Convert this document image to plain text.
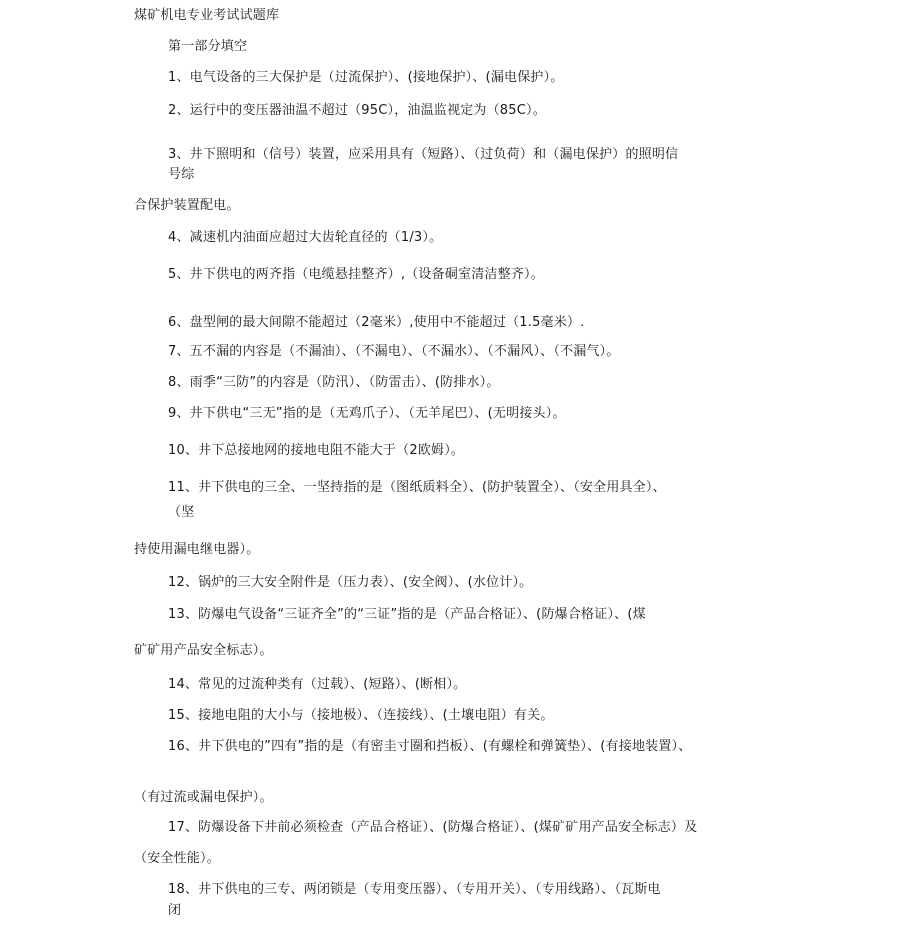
煤矿机电专业考试试题库
第一部分填空
1、电气设备的三大保护是（过流保护）、(接地保护）、(漏电保护）。
2、运行中的变压器油温不超过（95C），油温监视定为（85C）。
3、井下照明和（信号）装置，应采用具有（短路）、（过负荷）和（漏电保护）的照明信
号综
合保护装置配电。
4、减速机内油面应超过大齿轮直径的（1/3）。
5、井下供电的两齐指（电缆悬挂整齐）,（设备硐室清洁整齐）。
6、盘型闸的最大间隙不能超过（2毫米）,使用中不能超过（1.5毫米）.
7、五不漏的内容是（不漏油）、（不漏电）、（不漏水）、（不漏风）、（不漏气）。
8、雨季“三防”的内容是（防汛）、（防雷击）、(防排水）。
9、井下供电“三无”指的是（无鸡爪子）、（无羊尾巴）、(无明接头）。
10、井下总接地网的接地电阻不能大于（2欧姆）。
11、井下供电的三全、一坚持指的是（图纸质料全）、(防护装置全）、（安全用具全）、
（坚
持使用漏电继电器）。
12、锅炉的三大安全附件是（压力表）、(安全阀）、(水位计）。
13、防爆电气设备“三证齐全”的“三证”指的是（产品合格证）、(防爆合格证）、(煤
矿矿用产品安全标志）。
14、常见的过流种类有（过载）、(短路）、(断相）。
15、接地电阻的大小与（接地极）、（连接线）、(土壤电阻）有关。
16、井下供电的”四有”指的是（有密圭寸圈和挡板）、(有螺栓和弹簧垫）、(有接地装置）、
（有过流或漏电保护）。
17、防爆设备下井前必须检查（产品合格证）、(防爆合格证）、(煤矿矿用产品安全标志）及
（安全性能）。
18、井下供电的三专、两闭锁是（专用变压器）、（专用开关）、（专用线路）、（瓦斯电
闭
